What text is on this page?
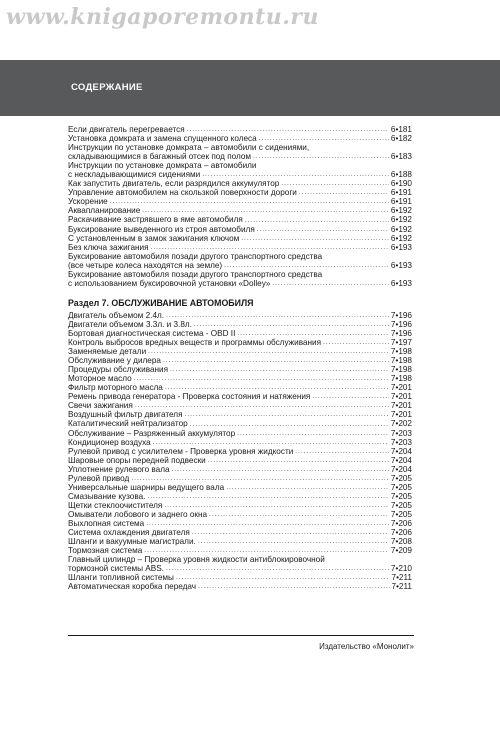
www.knigaporemontu.ru
СОДЕРЖАНИЕ
Если двигатель перегревается .....	6•181
Установка домкрата и замена спущенного колеса .....	6•182
Инструкции по установке домкрата – автомобили с сидениями,
складывающимися в багажный отсек под полом .....	6•183
Инструкции по установке домкрата – автомобили
с нескладывающимися сидениями .....	6•188
Как запустить двигатель, если разрядился аккумулятор .....	6•190
Управление автомобилем на скользкой поверхности дороги .....	6•191
Ускорение .....	6•191
Аквапланирование .....	6•192
Раскачивание застрявшего в яме автомобиля .....	6•192
Буксирование выведенного из строя автомобиля .....	6•192
С установленным в замок зажигания ключом .....	6•192
Без ключа зажигания .....	6•193
Буксирование автомобиля позади другого транспортного средства
(все четыре колеса находятся на земле) .....	6•193
Буксирование автомобиля позади другого транспортного средства
с использованием буксировочной установки «Dolley» .....	6•193
Раздел 7. ОБСЛУЖИВАНИЕ АВТОМОБИЛЯ
Двигатель объемом 2.4л. .....	7•196
Двигатели объемом 3.3л. и 3.8л. .....	7•196
Бортовая диагностическая система - OBD II .....	7•196
Контроль выбросов вредных веществ и программы обслуживания .....	7•197
Заменяемые детали .....	7•198
Обслуживание у дилера .....	7•198
Процедуры обслуживания .....	7•198
Моторное масло .....	7•198
Фильтр моторного масла .....	7•201
Ремень привода генератора - Проверка состояния и натяжения .....	7•201
Свечи зажигания .....	7•201
Воздушный фильтр двигателя .....	7•201
Каталитический нейтрализатор .....	7•202
Обслуживание – Разряженный аккумулятор .....	7•203
Кондиционер воздуха .....	7•203
Рулевой привод с усилителем - Проверка уровня жидкости .....	7•204
Шаровые опоры передней подвески .....	7•204
Уплотнение рулевого вала .....	7•204
Рулевой привод .....	7•205
Универсальные шарниры ведущего вала .....	7•205
Смазывание кузова. .....	7•205
Щетки стеклоочистителя .....	7•205
Омыватели лобового и заднего окна .....	7•205
Выхлопная система .....	7•206
Система охлаждения двигателя .....	7•206
Шланги и вакуумные магистрали. .....	7•208
Тормозная система .....	7•209
Главный цилиндр – Проверка уровня жидкости антиблокировочной
тормозной системы ABS. .....	7•210
Шланги топливной системы .....	7•211
Автоматическая коробка передач .....	7•211
Издательство «Монолит»
